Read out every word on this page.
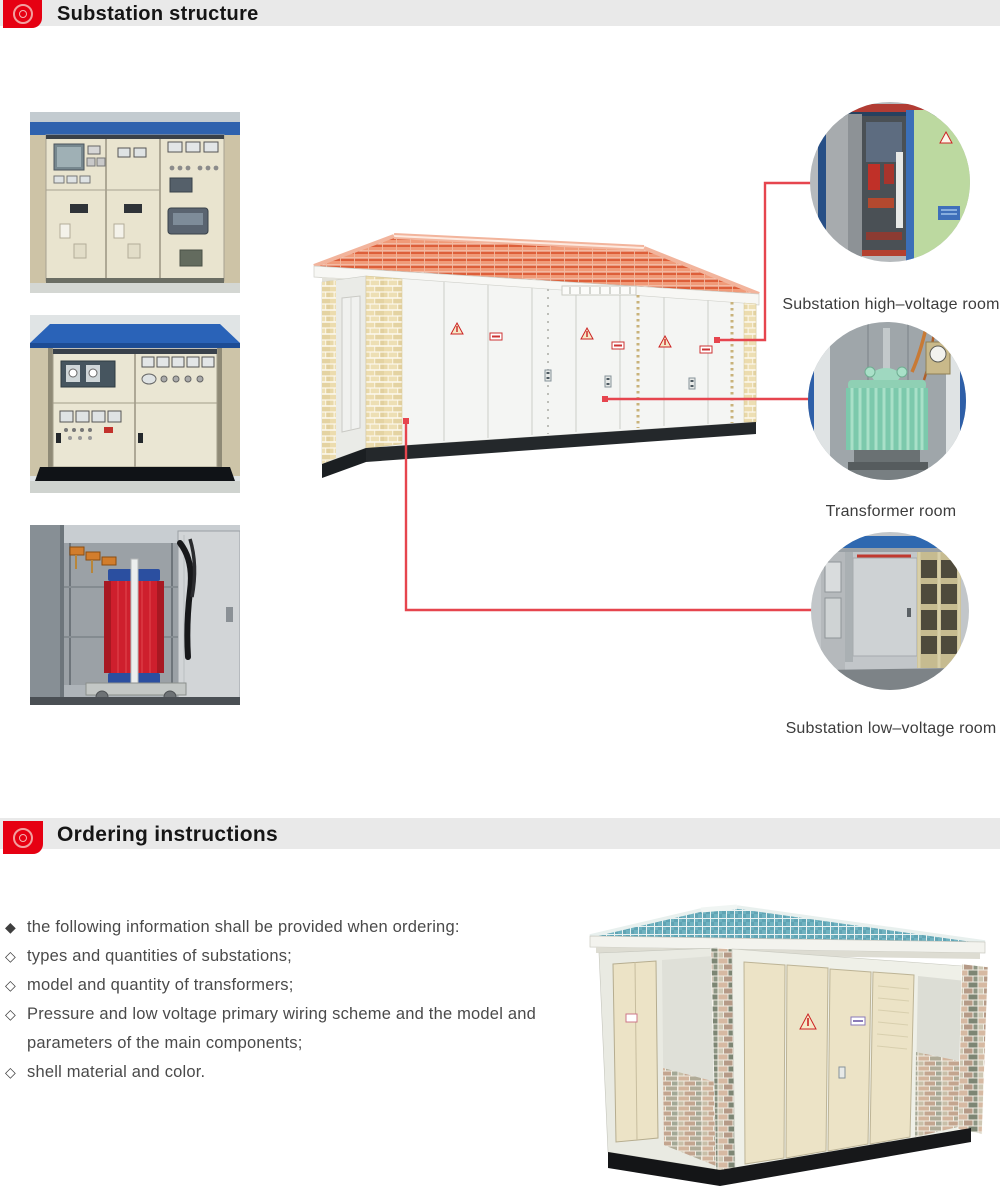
Substation structure
Substation high–voltage room
Transformer room
Substation low–voltage room
Ordering instructions
◆ the following information shall be provided when ordering:
◇ types and quantities of substations;
◇ model and quantity of transformers;
◇ Pressure and low voltage primary wiring scheme and the model and parameters of the main components;
◇ shell material and color.
